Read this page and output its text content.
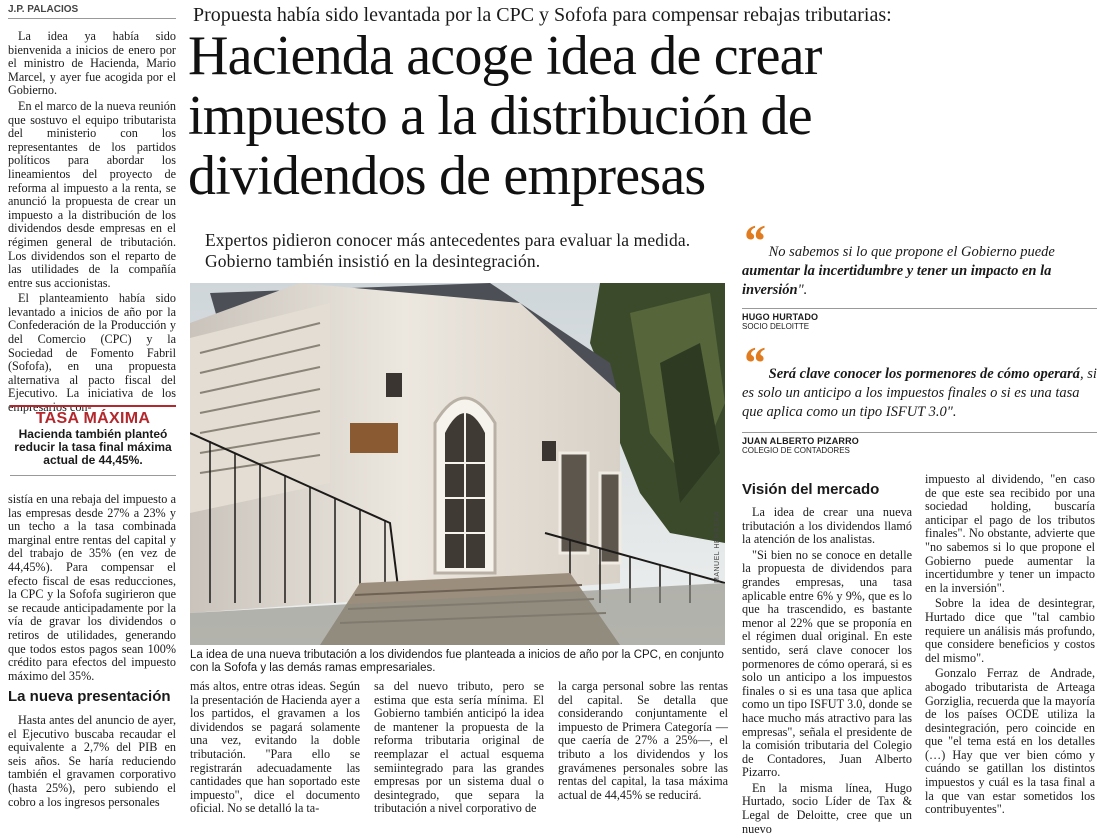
J.P. PALACIOS

La idea ya había sido bienvenida a inicios de enero por el ministro de Hacienda, Mario Marcel, y ayer fue acogida por el Gobierno.

En el marco de la nueva reunión que sostuvo el equipo tributarista del ministerio con los representantes de los partidos políticos para abordar los lineamientos del proyecto de reforma al impuesto a la renta, se anunció la propuesta de crear un impuesto a la distribución de los dividendos desde empresas en el régimen general de tributación. Los dividendos son el reparto de las utilidades de la compañía entre sus accionistas.

El planteamiento había sido levantado a inicios de año por la Confederación de la Producción y del Comercio (CPC) y la Sociedad de Fomento Fabril (Sofofa), en una propuesta alternativa al pacto fiscal del Ejecutivo. La iniciativa de los empresarios con-

TASA MÁXIMA
Hacienda también planteó reducir la tasa final máxima actual de 44,45%.

sistía en una rebaja del impuesto a las empresas desde 27% a 23% y un techo a la tasa combinada marginal entre rentas del capital y del trabajo de 35% (en vez de 44,45%). Para compensar el efecto fiscal de esas reducciones, la CPC y la Sofofa sugirieron que se recaude anticipadamente por la vía de gravar los dividendos o retiros de utilidades, generando que todos estos pagos sean 100% crédito para efectos del impuesto máximo del 35%.

La nueva presentación

Hasta antes del anuncio de ayer, el Ejecutivo buscaba recaudar el equivalente a 2,7% del PIB en seis años. Se haría reduciendo también el gravamen corporativo (hasta 25%), pero subiendo el cobro a los ingresos personales

Propuesta había sido levantada por la CPC y Sofofa para compensar rebajas tributarias:
Hacienda acoge idea de crear impuesto a la distribución de dividendos de empresas
Expertos pidieron conocer más antecedentes para evaluar la medida. Gobierno también insistió en la desintegración.
MANUEL HERRERA
La idea de una nueva tributación a los dividendos fue planteada a inicios de año por la CPC, en conjunto con la Sofofa y las demás ramas empresariales.

más altos, entre otras ideas. Según la presentación de Hacienda ayer a los partidos, el gravamen a los dividendos se pagará solamente una vez, evitando la doble tributación. "Para ello se registrarán adecuadamente las cantidades que han soportado este impuesto", dice el documento oficial. No se detalló la ta-

sa del nuevo tributo, pero se estima que esta sería mínima. El Gobierno también anticipó la idea de mantener la propuesta de la reforma tributaria original de reemplazar el actual esquema semiintegrado para las grandes empresas por un sistema dual o desintegrado, que separa la tributación a nivel corporativo de

la carga personal sobre las rentas del capital. Se detalla que considerando conjuntamente el impuesto de Primera Categoría —que caería de 27% a 25%—, el tributo a los dividendos y los gravámenes personales sobre las rentas del capital, la tasa máxima actual de 44,45% se reducirá.

“ No sabemos si lo que propone el Gobierno puede aumentar la incertidumbre y tener un impacto en la inversión".
HUGO HURTADO
SOCIO DELOITTE
“ Será clave conocer los pormenores de cómo operará, si es solo un anticipo a los impuestos finales o si es una tasa que aplica como un tipo ISFUT 3.0".
JUAN ALBERTO PIZARRO
COLEGIO DE CONTADORES
Visión del mercado

La idea de crear una nueva tributación a los dividendos llamó la atención de los analistas.

"Si bien no se conoce en detalle la propuesta de dividendos para grandes empresas, una tasa aplicable entre 6% y 9%, que es lo que ha trascendido, es bastante menor al 22% que se proponía en el régimen dual original. En este sentido, será clave conocer los pormenores de cómo operará, si es solo un anticipo a los impuestos finales o si es una tasa que aplica como un tipo ISFUT 3.0, donde se hace mucho más atractivo para las empresas", señala el presidente de la comisión tributaria del Colegio de Contadores, Juan Alberto Pizarro.

En la misma línea, Hugo Hurtado, socio Líder de Tax & Legal de Deloitte, cree que un nuevo

impuesto al dividendo, "en caso de que este sea recibido por una sociedad holding, buscaría anticipar el pago de los tributos finales". No obstante, advierte que "no sabemos si lo que propone el Gobierno puede aumentar la incertidumbre y tener un impacto en la inversión".

Sobre la idea de desintegrar, Hurtado dice que "tal cambio requiere un análisis más profundo, que considere beneficios y costos del mismo".

Gonzalo Ferraz de Andrade, abogado tributarista de Arteaga Gorziglia, recuerda que la mayoría de los países OCDE utiliza la desintegración, pero coincide en que "el tema está en los detalles (…) Hay que ver bien cómo y cuándo se gatillan los distintos impuestos y cuál es la tasa final a la que van estar sometidos los contribuyentes".
